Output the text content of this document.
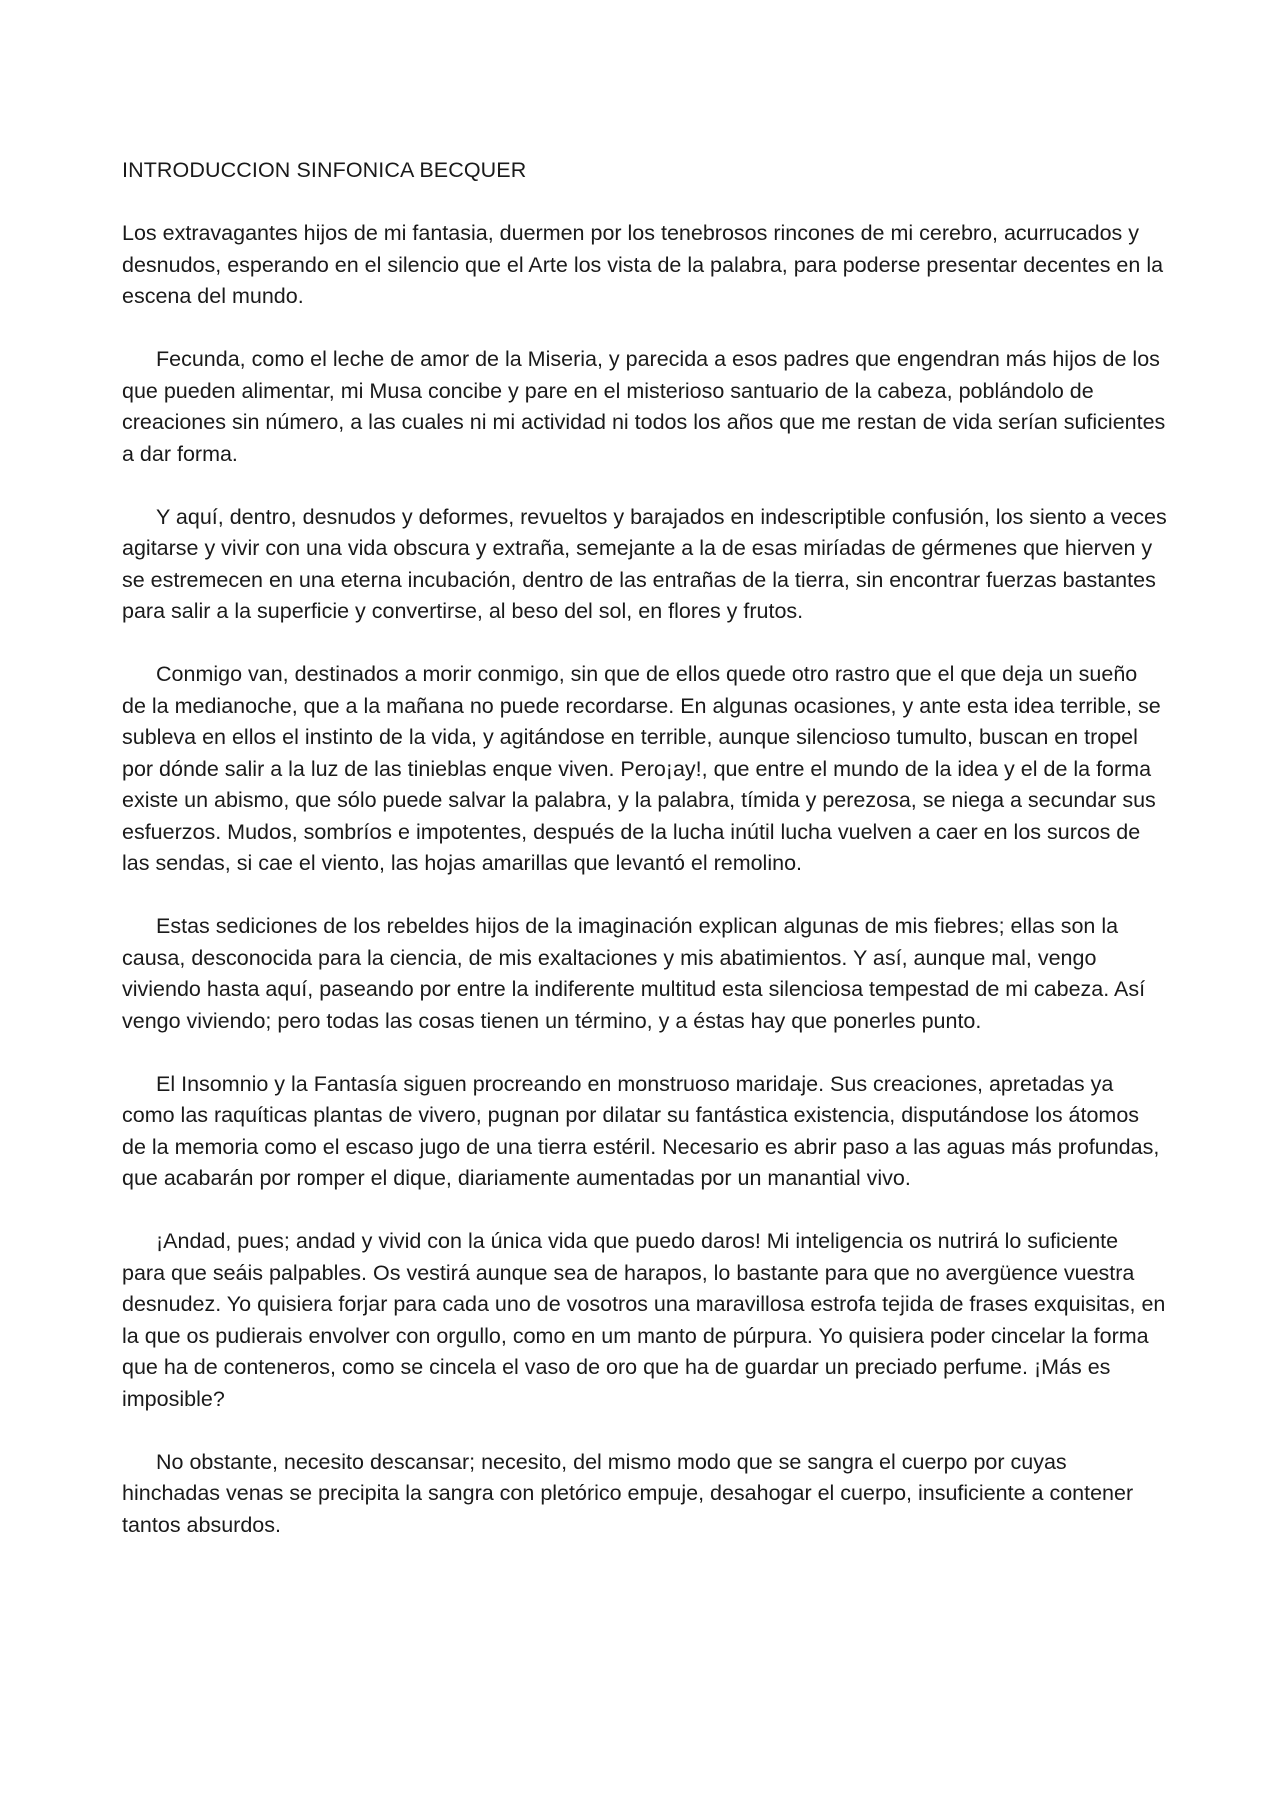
INTRODUCCION SINFONICA BECQUER

Los extravagantes hijos de mi fantasia, duermen por los tenebrosos rincones de mi cerebro, acurrucados y desnudos, esperando en el silencio que el Arte los vista de la palabra, para poderse presentar decentes en la escena del mundo.

Fecunda, como el leche de amor de la Miseria, y parecida a esos padres que engendran más hijos de los que pueden alimentar, mi Musa concibe y pare en el misterioso santuario de la cabeza, poblándolo de creaciones sin número, a las cuales ni mi actividad ni todos los años que me restan de vida serían suficientes a dar forma.

Y aquí, dentro, desnudos y deformes, revueltos y barajados en indescriptible confusión, los siento a veces agitarse y vivir con una vida obscura y extraña, semejante a la de esas miríadas de gérmenes que hierven y se estremecen en una eterna incubación, dentro de las entrañas de la tierra, sin encontrar fuerzas bastantes para salir a la superficie y convertirse, al beso del sol, en flores y frutos.

Conmigo van, destinados a morir conmigo, sin que de ellos quede otro rastro que el que deja un sueño de la medianoche, que a la mañana no puede recordarse. En algunas ocasiones, y ante esta idea terrible, se subleva en ellos el instinto de la vida, y agitándose en terrible, aunque silencioso tumulto, buscan en tropel por dónde salir a la luz de las tinieblas enque viven. Pero¡ay!, que entre el mundo de la idea y el de la forma existe un abismo, que sólo puede salvar la palabra, y la palabra, tímida y perezosa, se niega a secundar sus esfuerzos. Mudos, sombríos e impotentes, después de la lucha inútil lucha vuelven a caer en los surcos de las sendas, si cae el viento, las hojas amarillas que levantó el remolino.

Estas sediciones de los rebeldes hijos de la imaginación explican algunas de mis fiebres; ellas son la causa, desconocida para la ciencia, de mis exaltaciones y mis abatimientos. Y así, aunque mal, vengo viviendo hasta aquí, paseando por entre la indiferente multitud esta silenciosa tempestad de mi cabeza. Así vengo viviendo; pero todas las cosas tienen un término, y a éstas hay que ponerles punto.

El Insomnio y la Fantasía siguen procreando en monstruoso maridaje. Sus creaciones, apretadas ya como las raquíticas plantas de vivero, pugnan por dilatar su fantástica existencia, disputándose los átomos de la memoria como el escaso jugo de una tierra estéril. Necesario es abrir paso a las aguas más profundas, que acabarán por romper el dique, diariamente aumentadas por un manantial vivo.

¡Andad, pues; andad y vivid con la única vida que puedo daros! Mi inteligencia os nutrirá lo suficiente para que seáis palpables. Os vestirá aunque sea de harapos, lo bastante para que no avergüence vuestra desnudez. Yo quisiera forjar para cada uno de vosotros una maravillosa estrofa tejida de frases exquisitas, en la que os pudierais envolver con orgullo, como en um manto de púrpura. Yo quisiera poder cincelar la forma que ha de conteneros, como se cincela el vaso de oro que ha de guardar un preciado perfume. ¡Más es imposible?

No obstante, necesito descansar; necesito, del mismo modo que se sangra el cuerpo por cuyas hinchadas venas se precipita la sangra con pletórico empuje, desahogar el cuerpo, insuficiente a contener tantos absurdos.
